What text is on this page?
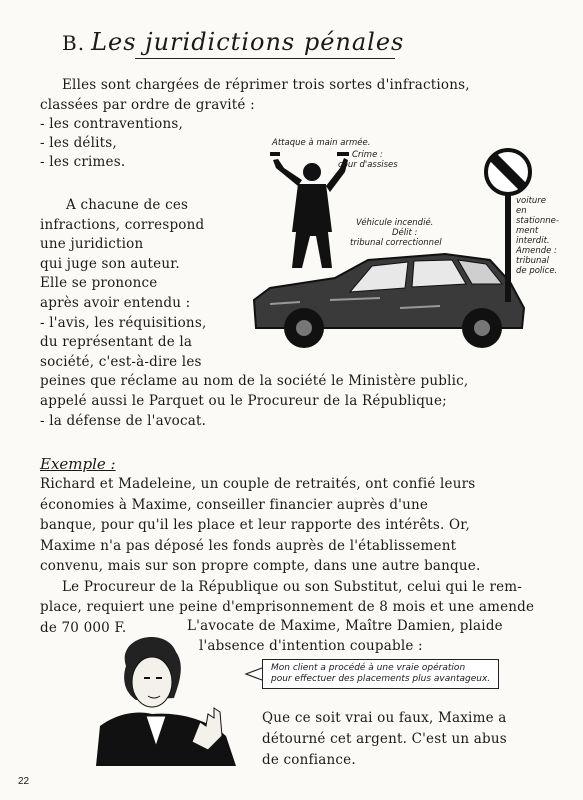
B. Les juridictions pénales

Elles sont chargées de réprimer trois sortes d'infractions,

classées par ordre de gravité :

- les contraventions,

- les délits,

- les crimes.

A chacune de ces

infractions, correspond

une juridiction

qui juge son auteur.

Elle se prononce

après avoir entendu :

- l'avis, les réquisitions,

du représentant de la

société, c'est-à-dire les

peines que réclame au nom de la société le Ministère public,

appelé aussi le Parquet ou le Procureur de la République;

- la défense de l'avocat.

Attaque à main armée.
Crime :
cour d'assises
Véhicule incendié.
Délit :
tribunal correctionnel
voiture
en
stationne-
ment
interdit.
Amende :
tribunal
de police.
Exemple :

Richard et Madeleine, un couple de retraités, ont confié leurs

économies à Maxime, conseiller financier auprès d'une

banque, pour qu'il les place et leur rapporte des intérêts. Or,

Maxime n'a pas déposé les fonds auprès de l'établissement

convenu, mais sur son propre compte, dans une autre banque.

Le Procureur de la République ou son Substitut, celui qui le rem-

place, requiert une peine d'emprisonnement de 8 mois et une amende

de 70 000 F.	L'avocate de Maxime, Maître Damien, plaide
l'absence d'intention coupable :
Mon client a procédé à une vraie opération
pour effectuer des placements plus avantageux.

Que ce soit vrai ou faux, Maxime a

détourné cet argent. C'est un abus

de confiance.

22
